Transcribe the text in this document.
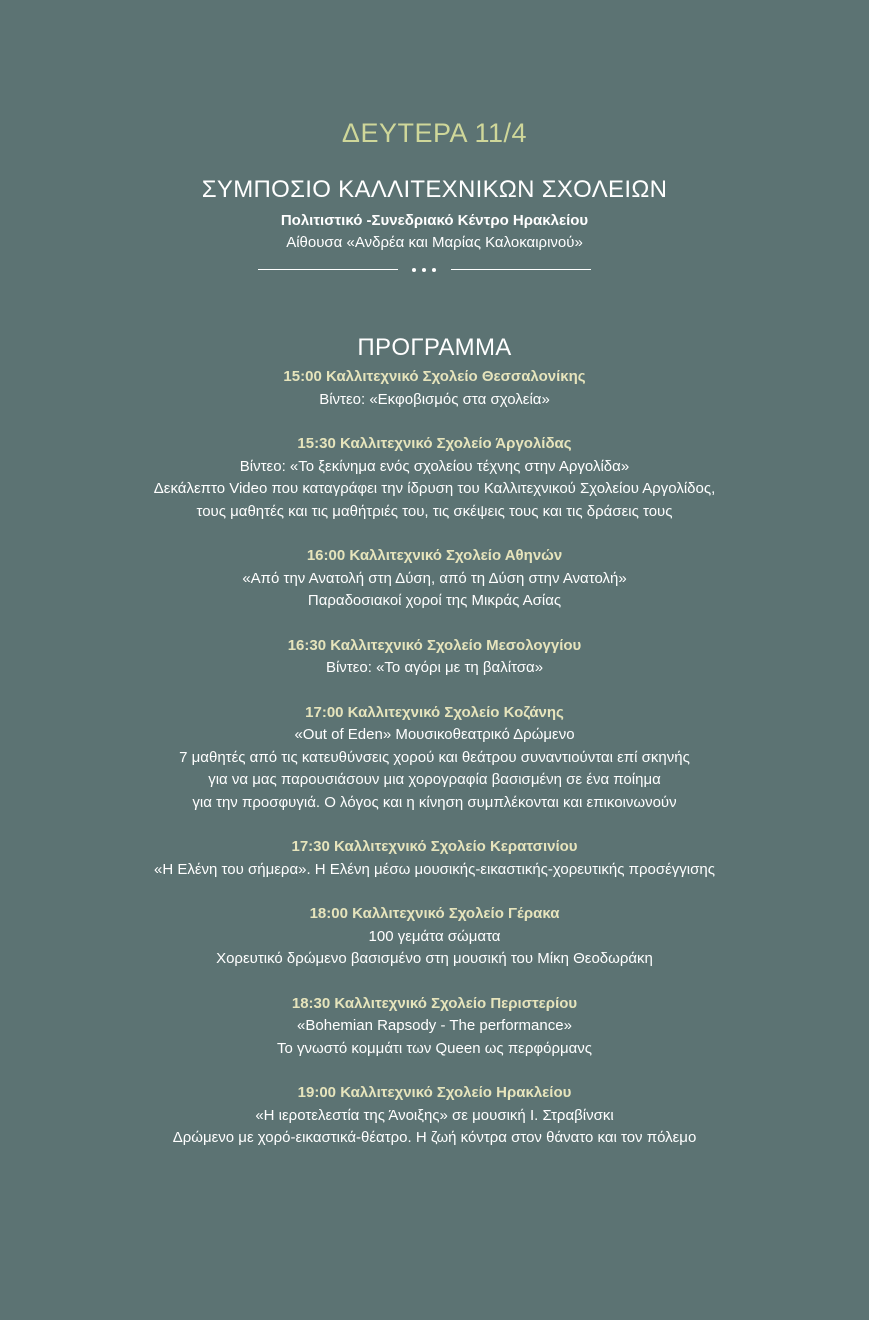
ΔΕΥΤΕΡΑ 11/4
ΣΥΜΠΟΣΙΟ ΚΑΛΛΙΤΕΧΝΙΚΩΝ ΣΧΟΛΕΙΩΝ
Πολιτιστικό -Συνεδριακό Κέντρο Ηρακλείου
Αίθουσα «Ανδρέα και Μαρίας Καλοκαιρινού»
ΠΡΟΓΡΑΜΜΑ
15:00 Καλλιτεχνικό Σχολείο Θεσσαλονίκης
Βίντεο: «Εκφοβισμός στα σχολεία»
15:30 Καλλιτεχνικό Σχολείο Άργολίδας
Βίντεο: «Το ξεκίνημα ενός σχολείου τέχνης στην Αργολίδα»
Δεκάλεπτο Video που καταγράφει την ίδρυση του Καλλιτεχνικού Σχολείου Αργολίδος,
τους μαθητές και τις μαθήτριές του, τις σκέψεις τους και τις δράσεις τους
16:00 Καλλιτεχνικό Σχολείο Αθηνών
«Από την Ανατολή στη Δύση, από τη Δύση στην Ανατολή»
Παραδοσιακοί χοροί της Μικράς Ασίας
16:30 Καλλιτεχνικό Σχολείο Μεσολογγίου
Βίντεο: «Το αγόρι με τη βαλίτσα»
17:00 Καλλιτεχνικό Σχολείο Κοζάνης
«Out of Eden» Μουσικοθεατρικό Δρώμενο
7 μαθητές από τις κατευθύνσεις χορού και θεάτρου συναντιούνται επί σκηνής
για να μας παρουσιάσουν μια χορογραφία βασισμένη σε ένα ποίημα
για την προσφυγιά. Ο λόγος και η κίνηση συμπλέκονται και επικοινωνούν
17:30 Καλλιτεχνικό Σχολείο Κερατσινίου
«Η Ελένη του σήμερα». Η Ελένη μέσω μουσικής-εικαστικής-χορευτικής προσέγγισης
18:00 Καλλιτεχνικό Σχολείο Γέρακα
100 γεμάτα σώματα
Χορευτικό δρώμενο βασισμένο στη μουσική του Μίκη Θεοδωράκη
18:30 Καλλιτεχνικό Σχολείο Περιστερίου
«Bohemian Rapsody - The performance»
Το γνωστό κομμάτι των Queen ως περφόρμανς
19:00 Καλλιτεχνικό Σχολείο Ηρακλείου
«Η ιεροτελεστία της Άνοιξης» σε μουσική Ι. Στραβίνσκι
Δρώμενο με χορό-εικαστικά-θέατρο. Η ζωή κόντρα στον θάνατο και τον πόλεμο
